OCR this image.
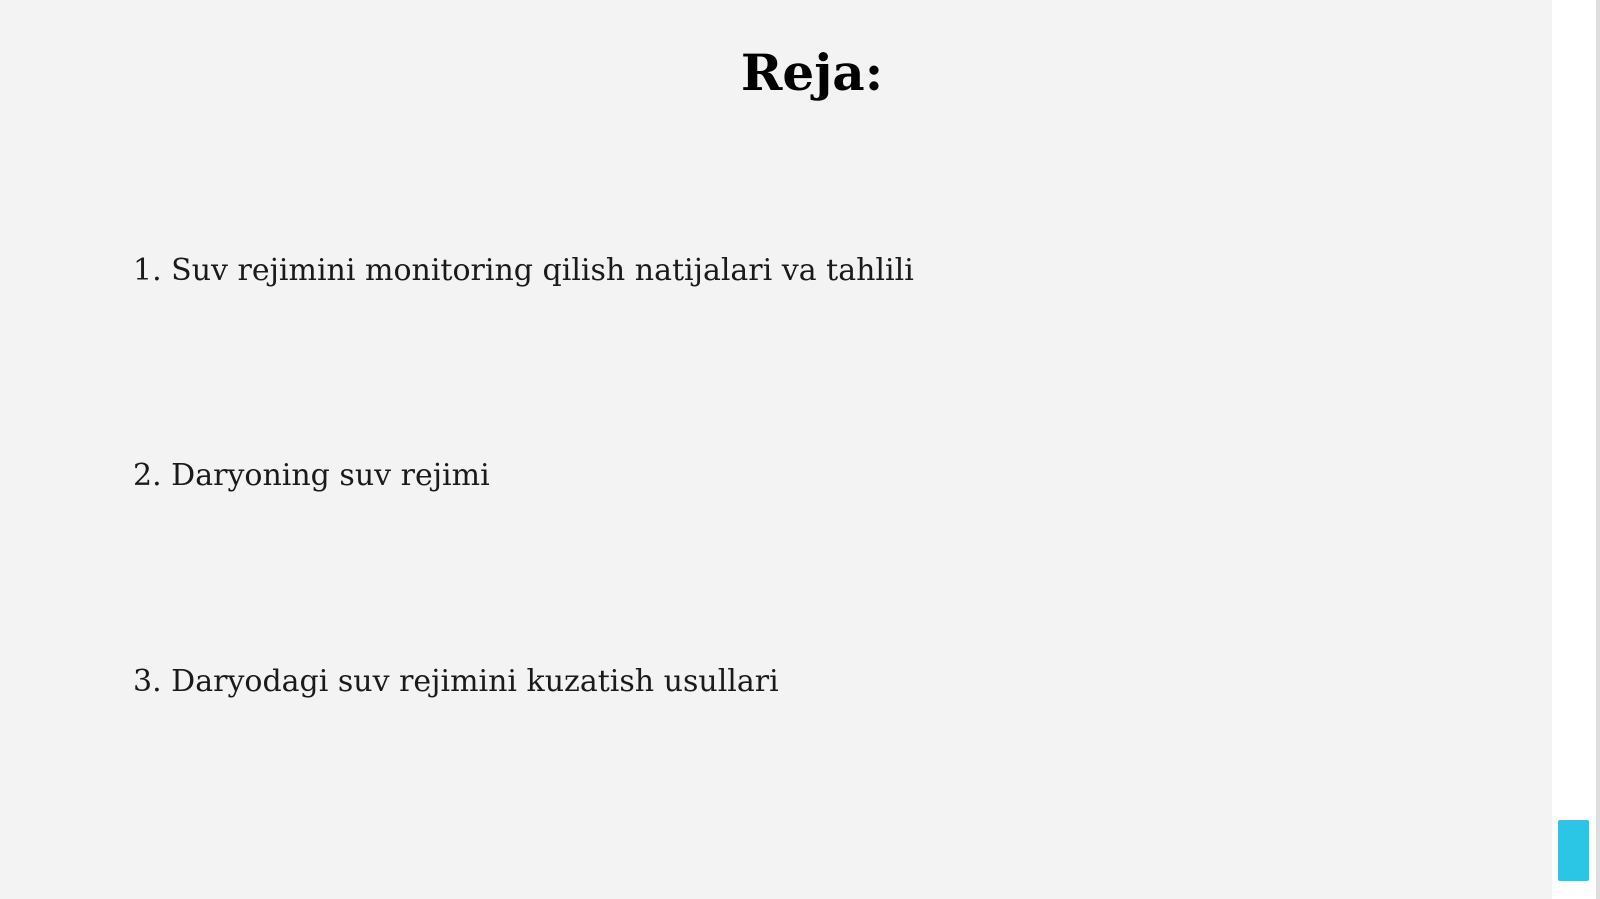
Reja:

1. Suv rejimini monitoring qilish natijalari va tahlili

2. Daryoning suv rejimi

3. Daryodagi suv rejimini kuzatish usullari
